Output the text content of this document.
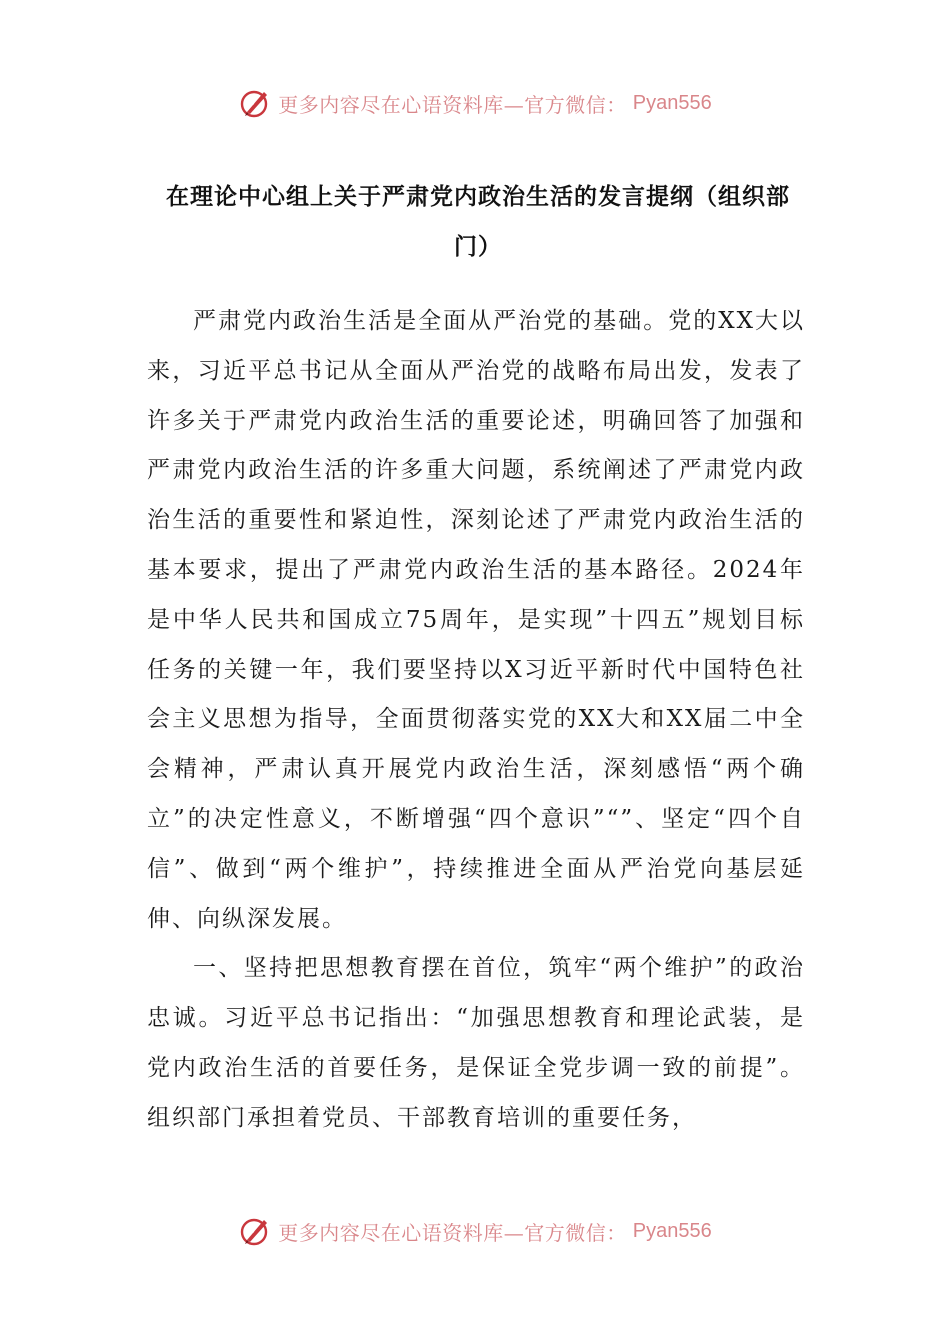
更多内容尽在心语资料库—官方微信： Pyan556
在理论中心组上关于严肃党内政治生活的发言提纲（组织部门）

严肃党内政治生活是全面从严治党的基础。党的XX大以来，习近平总书记从全面从严治党的战略布局出发，发表了许多关于严肃党内政治生活的重要论述，明确回答了加强和严肃党内政治生活的许多重大问题，系统阐述了严肃党内政治生活的重要性和紧迫性，深刻论述了严肃党内政治生活的基本要求，提出了严肃党内政治生活的基本路径。2024年是中华人民共和国成立75周年，是实现”十四五”规划目标任务的关键一年，我们要坚持以X习近平新时代中国特色社会主义思想为指导，全面贯彻落实党的XX大和XX届二中全会精神，严肃认真开展党内政治生活，深刻感悟“两个确立”的决定性意义，不断增强“四个意识”“”、坚定“四个自信”、做到“两个维护”，持续推进全面从严治党向基层延伸、向纵深发展。

一、坚持把思想教育摆在首位，筑牢“两个维护”的政治忠诚。习近平总书记指出：“加强思想教育和理论武装，是党内政治生活的首要任务，是保证全党步调一致的前提”。组织部门承担着党员、干部教育培训的重要任务，

更多内容尽在心语资料库—官方微信： Pyan556
